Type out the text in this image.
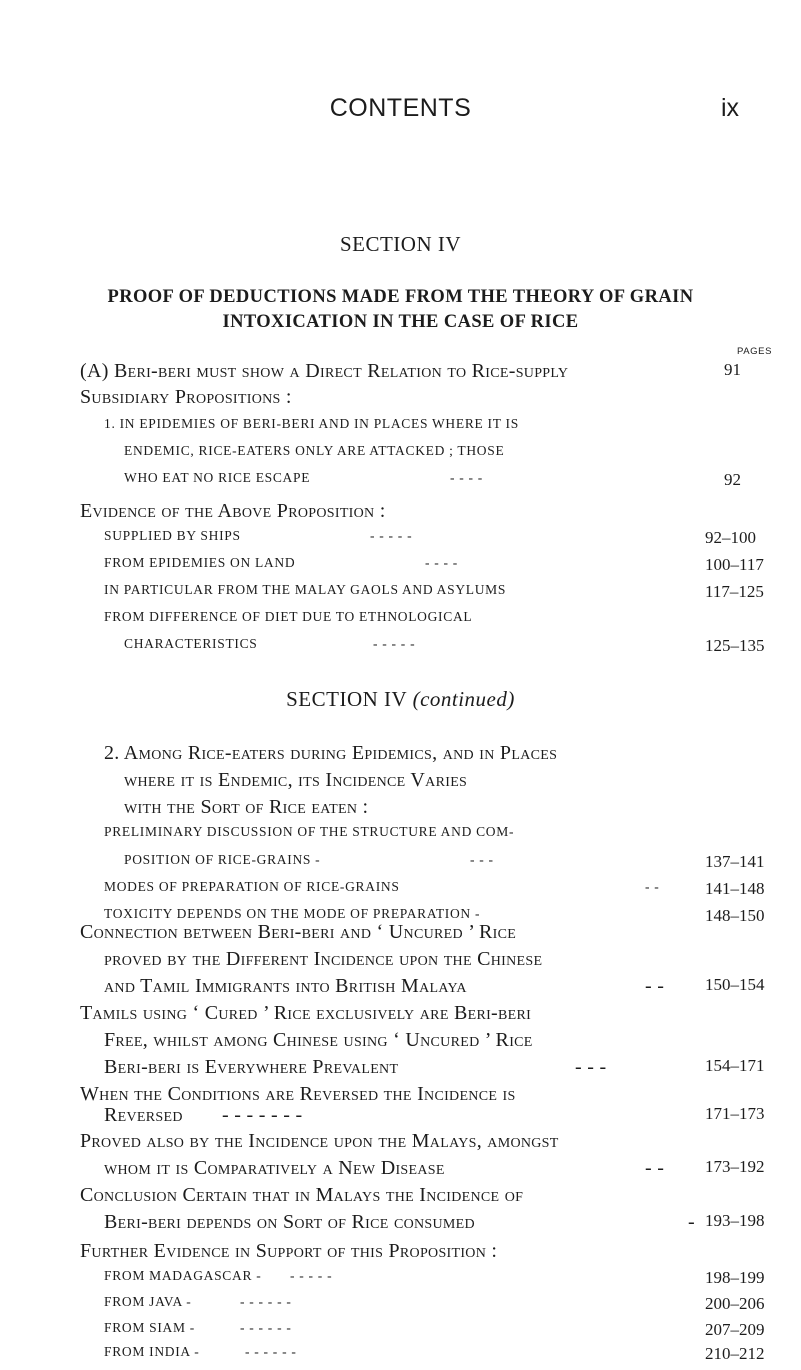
CONTENTS	ix
SECTION IV
PROOF OF DEDUCTIONS MADE FROM THE THEORY OF GRAIN
INTOXICATION IN THE CASE OF RICE
PAGES
(A) Beri-beri must show a Direct Relation to Rice-supply	91
Subsidiary Propositions :
1. IN EPIDEMIES OF BERI-BERI AND IN PLACES WHERE IT IS
ENDEMIC, RICE-EATERS ONLY ARE ATTACKED ; THOSE
WHO EAT NO RICE ESCAPE	- - - -	92
Evidence of the Above Proposition :
SUPPLIED BY SHIPS	- - - - -	92–100
FROM EPIDEMIES ON LAND	- - - -	100–117
IN PARTICULAR FROM THE MALAY GAOLS AND ASYLUMS	117–125
FROM DIFFERENCE OF DIET DUE TO ETHNOLOGICAL
CHARACTERISTICS	- - - - -	125–135
SECTION IV (continued)
2. Among Rice-eaters during Epidemics, and in Places
where it is Endemic, its Incidence Varies
with the Sort of Rice eaten :
PRELIMINARY DISCUSSION OF THE STRUCTURE AND COM-
POSITION OF RICE-GRAINS -	- - -	137–141
MODES OF PREPARATION OF RICE-GRAINS	- -	141–148
TOXICITY DEPENDS ON THE MODE OF PREPARATION -	148–150
Connection between Beri-beri and ‘ Uncured ’ Rice
proved by the Different Incidence upon the Chinese
and Tamil Immigrants into British Malaya	- - 150–154
Tamils using ‘ Cured ’ Rice exclusively are Beri-beri
Free, whilst among Chinese using ‘ Uncured ’ Rice
Beri-beri is Everywhere Prevalent	- - -	154–171
When the Conditions are Reversed the Incidence is
Reversed - - - - - - -	171–173
Proved also by the Incidence upon the Malays, amongst
whom it is Comparatively a New Disease	- - 173–192
Conclusion Certain that in Malays the Incidence of
Beri-beri depends on Sort of Rice consumed	- 193–198
Further Evidence in Support of this Proposition :
FROM MADAGASCAR - - - - - -	198–199
FROM JAVA -	- - - - - -	200–206
FROM SIAM -	- - - - - -	207–209
FROM INDIA -	- - - - - -	210–212
